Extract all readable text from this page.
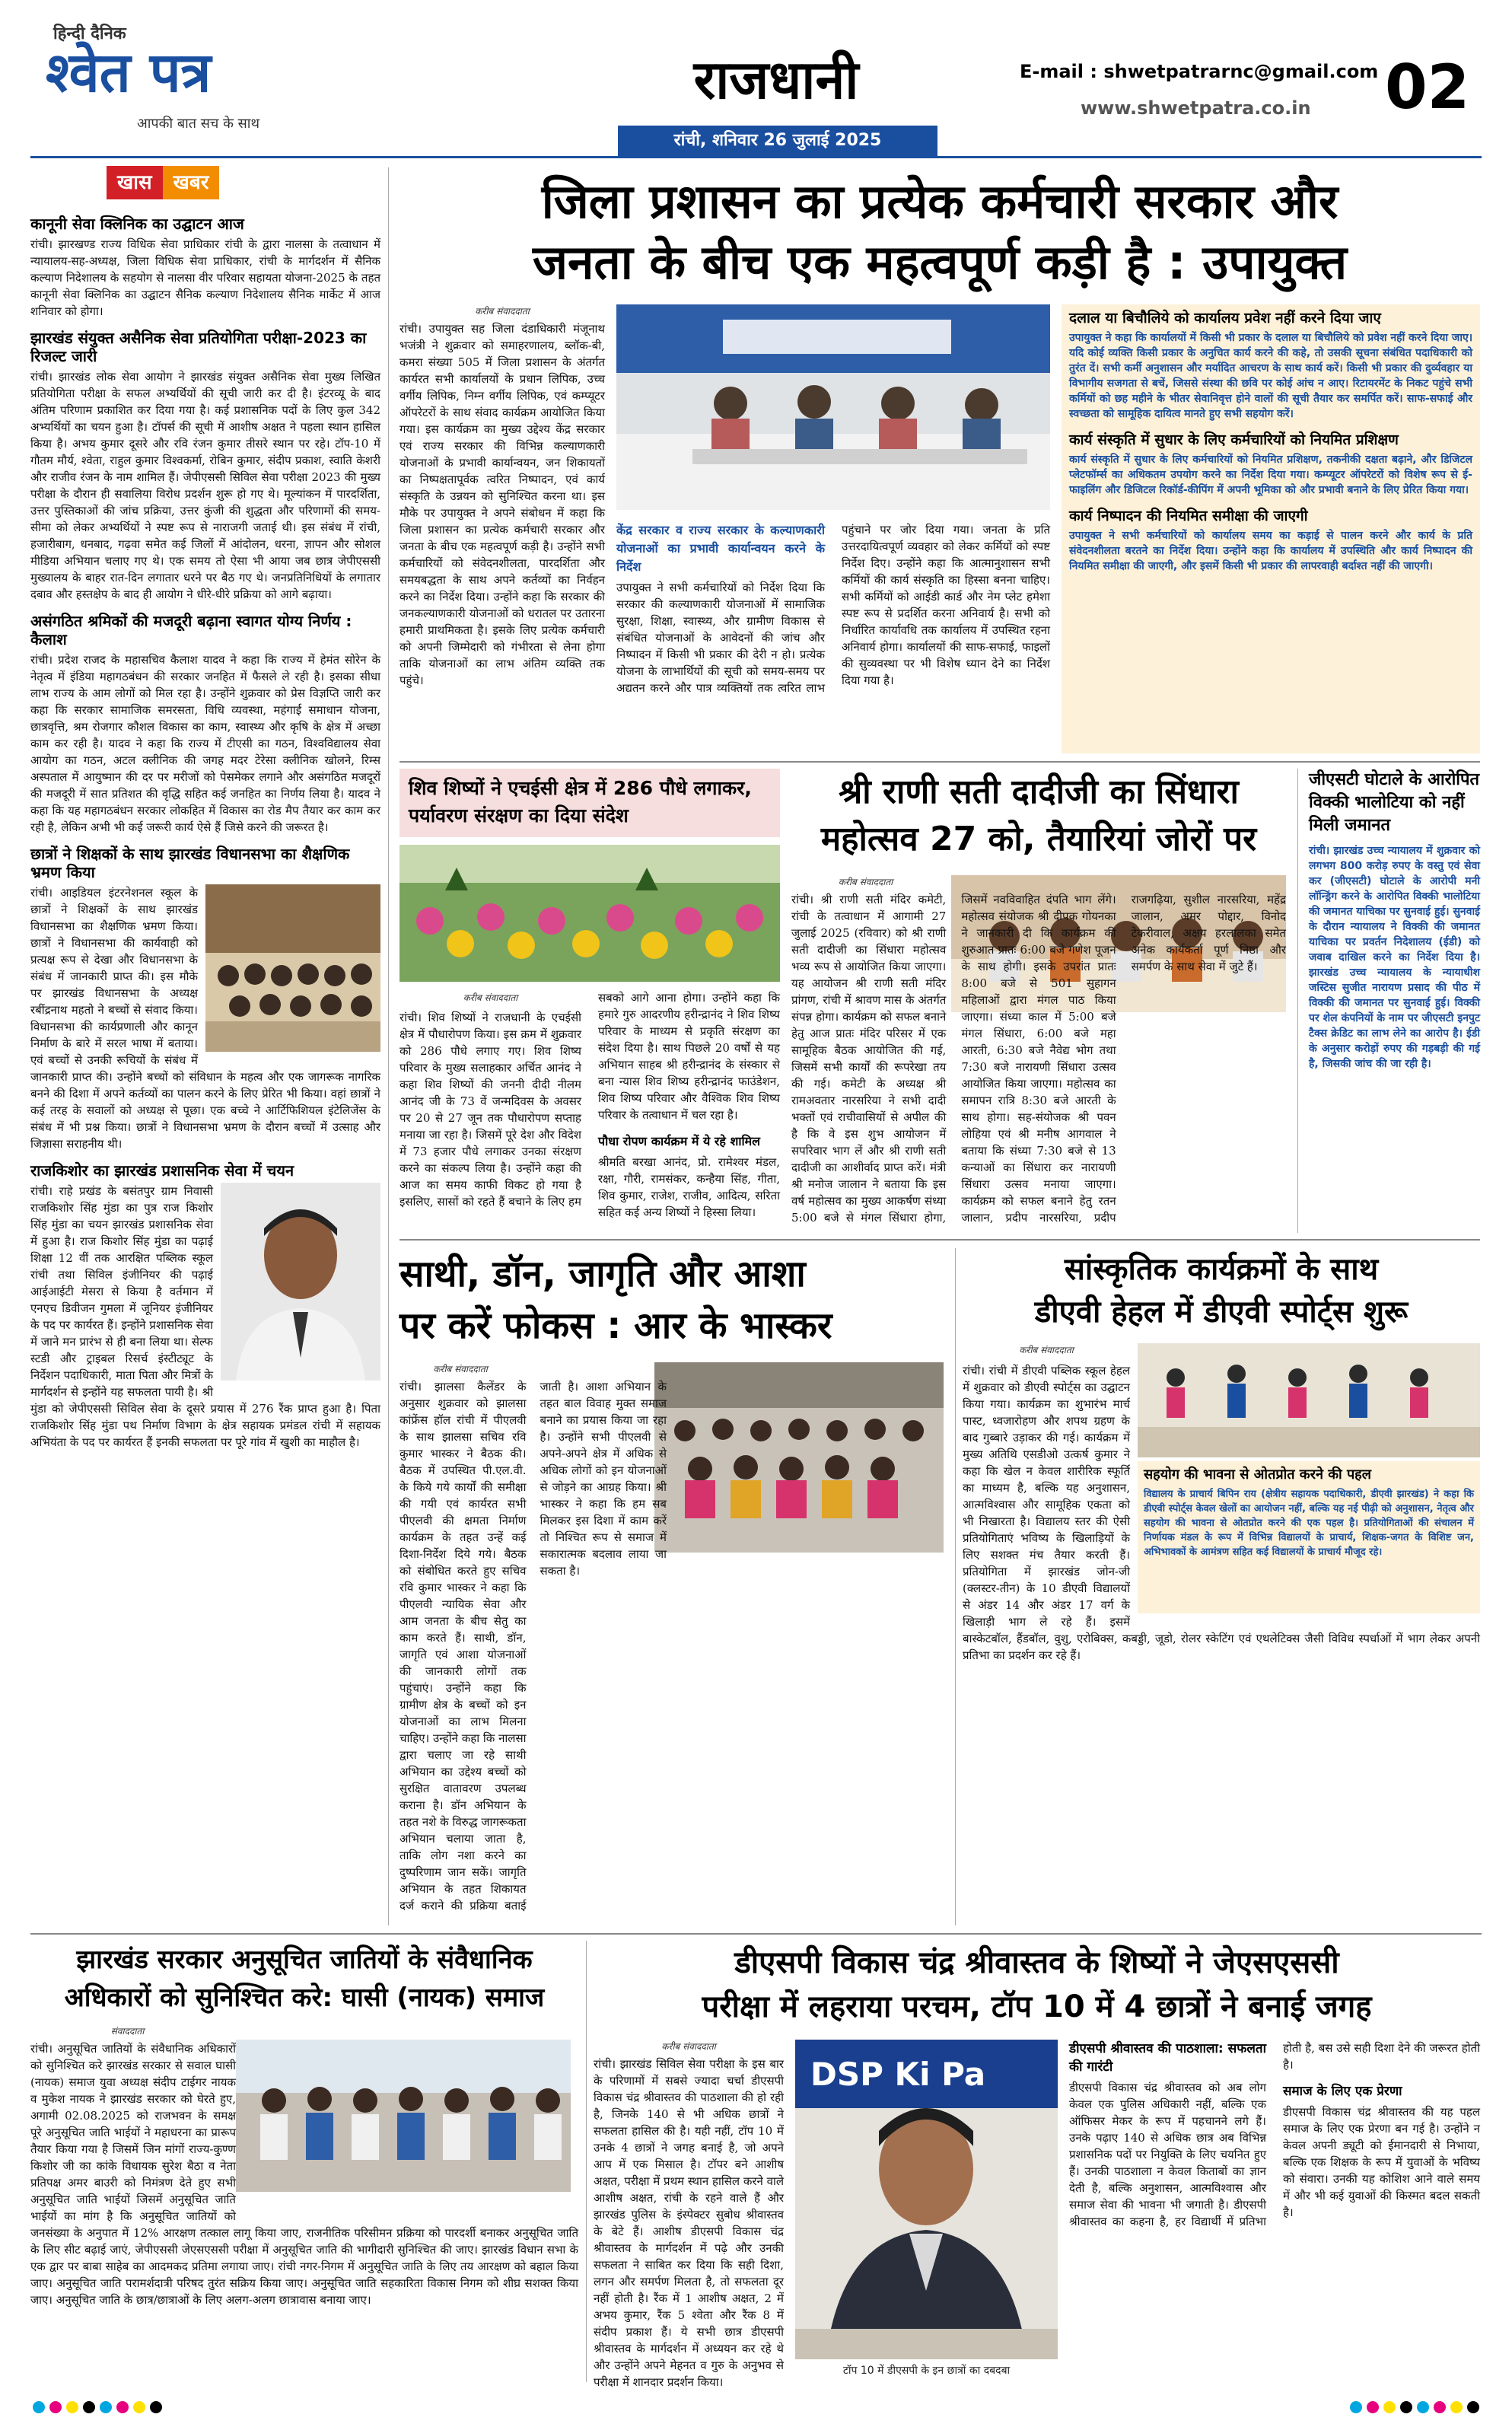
हिन्दी दैनिक
श्वेत पत्र
आपकी बात सच के साथ
राजधानी
रांची, शनिवार 26 जुलाई 2025
E-mail : shwetpatrarnc@gmail.com
www.shwetpatra.co.in 02
खास खबर
कानूनी सेवा क्लिनिक का उद्घाटन आज
रांची। झारखण्ड राज्य विधिक सेवा प्राधिकार रांची के द्वारा नालसा के तत्वाधान में न्यायालय-सह-अध्यक्ष, जिला विधिक सेवा प्राधिकार, रांची के मार्गदर्शन में सैनिक कल्याण निदेशालय के सहयोग से नालसा वीर परिवार सहायता योजना-2025 के तहत कानूनी सेवा क्लिनिक का उद्घाटन सैनिक कल्याण निदेशालय सैनिक मार्केट में आज शनिवार को होगा।
झारखंड संयुक्त असैनिक सेवा प्रतियोगिता परीक्षा-2023 का रिजल्ट जारी
रांची। झारखंड लोक सेवा आयोग ने झारखंड संयुक्त असैनिक सेवा मुख्य लिखित प्रतियोगिता परीक्षा के सफल अभ्यर्थियों की सूची जारी कर दी है। इंटरव्यू के बाद अंतिम परिणाम प्रकाशित कर दिया गया है। कई प्रशासनिक पदों के लिए कुल 342 अभ्यर्थियों का चयन हुआ है। टॉपर्स की सूची में आशीष अक्षत ने पहला स्थान हासिल किया है। अभय कुमार दूसरे और रवि रंजन कुमार तीसरे स्थान पर रहे। टॉप-10 में गौतम मौर्य, श्वेता, राहुल कुमार विश्वकर्मा, रोबिन कुमार, संदीप प्रकाश, स्वाति केशरी और राजीव रंजन के नाम शामिल हैं। जेपीएससी सिविल सेवा परीक्षा 2023 की मुख्य परीक्षा के दौरान ही सवालिया विरोध प्रदर्शन शुरू हो गए थे। मूल्यांकन में पारदर्शिता, उत्तर पुस्तिकाओं की जांच प्रक्रिया, उत्तर कुंजी की शुद्धता और परिणामों की समय-सीमा को लेकर अभ्यर्थियों ने स्पष्ट रूप से नाराजगी जताई थी। इस संबंध में रांची, हजारीबाग, धनबाद, गढ़वा समेत कई जिलों में आंदोलन, धरना, ज्ञापन और सोशल मीडिया अभियान चलाए गए थे। एक समय तो ऐसा भी आया जब छात्र जेपीएससी मुख्यालय के बाहर रात-दिन लगातार धरने पर बैठ गए थे। जनप्रतिनिधियों के लगातार दबाव और हस्तक्षेप के बाद ही आयोग ने धीरे-धीरे प्रक्रिया को आगे बढ़ाया।
असंगठित श्रमिकों की मजदूरी बढ़ाना स्वागत योग्य निर्णय : कैलाश
रांची। प्रदेश राजद के महासचिव कैलाश यादव ने कहा कि राज्य में हेमंत सोरेन के नेतृत्व में इंडिया महागठबंधन की सरकार जनहित में फैसले ले रही है। इसका सीधा लाभ राज्य के आम लोगों को मिल रहा है। उन्होंने शुक्रवार को प्रेस विज्ञप्ति जारी कर कहा कि सरकार सामाजिक समरसता, विधि व्यवस्था, महंगाई समाधान योजना, छात्रवृत्ति, श्रम रोजगार कौशल विकास का काम, स्वास्थ्य और कृषि के क्षेत्र में अच्छा काम कर रही है। यादव ने कहा कि राज्य में टीएसी का गठन, विश्वविद्यालय सेवा आयोग का गठन, अटल क्लीनिक की जगह मदर टेरेसा क्लीनिक खोलने, रिम्स अस्पताल में आयुष्मान की दर पर मरीजों को पेसमेकर लगाने और असंगठित मजदूरों की मजदूरी में सात प्रतिशत की वृद्धि सहित कई जनहित का निर्णय लिया है। यादव ने कहा कि यह महागठबंधन सरकार लोकहित में विकास का रोड मैप तैयार कर काम कर रही है, लेकिन अभी भी कई जरूरी कार्य ऐसे हैं जिसे करने की जरूरत है।
छात्रों ने शिक्षकों के साथ झारखंड विधानसभा का शैक्षणिक भ्रमण किया
रांची। आइडियल इंटरनेशनल स्कूल के छात्रों ने शिक्षकों के साथ झारखंड विधानसभा का शैक्षणिक भ्रमण किया। छात्रों ने विधानसभा की कार्यवाही को प्रत्यक्ष रूप से देखा और विधानसभा के संबंध में जानकारी प्राप्त की। इस मौके पर झारखंड विधानसभा के अध्यक्ष रबींद्रनाथ महतो ने बच्चों से संवाद किया। विधानसभा की कार्यप्रणाली और कानून निर्माण के बारे में सरल भाषा में बताया। एवं बच्चों से उनकी रूचियों के संबंध में जानकारी प्राप्त की। उन्होंने बच्चों को संविधान के महत्व और एक जागरूक नागरिक बनने की दिशा में अपने कर्तव्यों का पालन करने के लिए प्रेरित भी किया। वहां छात्रों ने कई तरह के सवालों को अध्यक्ष से पूछा। एक बच्चे ने आर्टिफिशियल इंटेलिजेंस के संबंध में भी प्रश्न किया। छात्रों ने विधानसभा भ्रमण के दौरान बच्चों में उत्साह और जिज्ञासा सराहनीय थी।
राजकिशोर का झारखंड प्रशासनिक सेवा में चयन
रांची। राहे प्रखंड के बसंतपुर ग्राम निवासी राजकिशोर सिंह मुंडा का पुत्र राज किशोर सिंह मुंडा का चयन झारखंड प्रशासनिक सेवा में हुआ है। राज किशोर सिंह मुंडा का पढ़ाई शिक्षा 12 वीं तक आरक्षित पब्लिक स्कूल रांची तथा सिविल इंजीनियर की पढ़ाई आईआईटी मेसरा से किया है वर्तमान में एनएच डिवीजन गुमला में जूनियर इंजीनियर के पद पर कार्यरत हैं। इन्होंने प्रशासनिक सेवा में जाने मन प्रारंभ से ही बना लिया था। सेल्फ स्टडी और ट्राइबल रिसर्च इंस्टीट्यूट के निर्देशन पदाधिकारी, माता पिता और मित्रों के मार्गदर्शन से इन्होंने यह सफलता पायी है। श्री मुंडा को जेपीएससी सिविल सेवा के दूसरे प्रयास में 276 रैंक प्राप्त हुआ है। पिता राजकिशोर सिंह मुंडा पथ निर्माण विभाग के क्षेत्र सहायक प्रमंडल रांची में सहायक अभियंता के पद पर कार्यरत हैं इनकी सफलता पर पूरे गांव में खुशी का माहौल है।
जिला प्रशासन का प्रत्येक कर्मचारी सरकार और
जनता के बीच एक महत्वपूर्ण कड़ी है : उपायुक्त
करीब संवाददाता
रांची। उपायुक्त सह जिला दंडाधिकारी मंजूनाथ भजंत्री ने शुक्रवार को समाहरणालय, ब्लॉक-बी, कमरा संख्या 505 में जिला प्रशासन के अंतर्गत कार्यरत सभी कार्यालयों के प्रधान लिपिक, उच्च वर्गीय लिपिक, निम्न वर्गीय लिपिक, एवं कम्प्यूटर ऑपरेटरों के साथ संवाद कार्यक्रम आयोजित किया गया। इस कार्यक्रम का मुख्य उद्देश्य केंद्र सरकार एवं राज्य सरकार की विभिन्न कल्याणकारी योजनाओं के प्रभावी कार्यान्वयन, जन शिकायतों का निष्पक्षतापूर्वक त्वरित निष्पादन, एवं कार्य संस्कृति के उन्नयन को सुनिश्चित करना था। इस मौके पर उपायुक्त ने अपने संबोधन में कहा कि जिला प्रशासन का प्रत्येक कर्मचारी सरकार और जनता के बीच एक महत्वपूर्ण कड़ी है। उन्होंने सभी कर्मचारियों को संवेदनशीलता, पारदर्शिता और समयबद्धता के साथ अपने कर्तव्यों का निर्वहन करने का निर्देश दिया। उन्होंने कहा कि सरकार की जनकल्याणकारी योजनाओं को धरातल पर उतारना हमारी प्राथमिकता है। इसके लिए प्रत्येक कर्मचारी को अपनी जिम्मेदारी को गंभीरता से लेना होगा ताकि योजनाओं का लाभ अंतिम व्यक्ति तक पहुंचे।
केंद्र सरकार व राज्य सरकार के कल्याणकारी योजनाओं का प्रभावी कार्यान्वयन करने के निर्देश
उपायुक्त ने सभी कर्मचारियों को निर्देश दिया कि सरकार की कल्याणकारी योजनाओं में सामाजिक सुरक्षा, शिक्षा, स्वास्थ्य, और ग्रामीण विकास से संबंधित योजनाओं के आवेदनों की जांच और निष्पादन में किसी भी प्रकार की देरी न हो। प्रत्येक योजना के लाभार्थियों की सूची को समय-समय पर अद्यतन करने और पात्र व्यक्तियों तक त्वरित लाभ पहुंचाने पर जोर दिया गया। जनता के प्रति उत्तरदायित्वपूर्ण व्यवहार को लेकर कर्मियों को स्पष्ट निर्देश दिए। उन्होंने कहा कि आत्मानुशासन सभी कर्मियों की कार्य संस्कृति का हिस्सा बनना चाहिए। सभी कर्मियों को आईडी कार्ड और नेम प्लेट हमेशा स्पष्ट रूप से प्रदर्शित करना अनिवार्य है। सभी को निर्धारित कार्यावधि तक कार्यालय में उपस्थित रहना अनिवार्य होगा। कार्यालयों की साफ-सफाई, फाइलों की सुव्यवस्था पर भी विशेष ध्यान देने का निर्देश दिया गया है।
दलाल या बिचौलिये को कार्यालय प्रवेश नहीं करने दिया जाए
उपायुक्त ने कहा कि कार्यालयों में किसी भी प्रकार के दलाल या बिचौलिये को प्रवेश नहीं करने दिया जाए। यदि कोई व्यक्ति किसी प्रकार के अनुचित कार्य करने की कहे, तो उसकी सूचना संबंधित पदाधिकारी को तुरंत दें। सभी कर्मी अनुशासन और मर्यादित आचरण के साथ कार्य करें। किसी भी प्रकार की दुर्व्यवहार या विभागीय सजगता से बचें, जिससे संस्था की छवि पर कोई आंच न आए। रिटायरमेंट के निकट पहुंचे सभी कर्मियों को छह महीने के भीतर सेवानिवृत्त होने वालों की सूची तैयार कर समर्पित करें। साफ-सफाई और स्वच्छता को सामूहिक दायित्व मानते हुए सभी सहयोग करें।
कार्य संस्कृति में सुधार के लिए कर्मचारियों को नियमित प्रशिक्षण
कार्य संस्कृति में सुधार के लिए कर्मचारियों को नियमित प्रशिक्षण, तकनीकी दक्षता बढ़ाने, और डिजिटल प्लेटफॉर्म्स का अधिकतम उपयोग करने का निर्देश दिया गया। कम्प्यूटर ऑपरेटरों को विशेष रूप से ई-फाइलिंग और डिजिटल रिकॉर्ड-कीपिंग में अपनी भूमिका को और प्रभावी बनाने के लिए प्रेरित किया गया।
कार्य निष्पादन की नियमित समीक्षा की जाएगी
उपायुक्त ने सभी कर्मचारियों को कार्यालय समय का कड़ाई से पालन करने और कार्य के प्रति संवेदनशीलता बरतने का निर्देश दिया। उन्होंने कहा कि कार्यालय में उपस्थिति और कार्य निष्पादन की नियमित समीक्षा की जाएगी, और इसमें किसी भी प्रकार की लापरवाही बर्दाश्त नहीं की जाएगी।
शिव शिष्यों ने एचईसी क्षेत्र में 286 पौधे लगाकर, पर्यावरण संरक्षण का दिया संदेश
करीब संवाददाता
रांची। शिव शिष्यों ने राजधानी के एचईसी क्षेत्र में पौधारोपण किया। इस क्रम में शुक्रवार को 286 पौधे लगाए गए। शिव शिष्य परिवार के मुख्य सलाहकार अर्चित आनंद ने कहा शिव शिष्यों की जननी दीदी नीलम आनंद जी के 73 वें जन्मदिवस के अवसर पर 20 से 27 जून तक पौधारोपण सप्ताह मनाया जा रहा है। जिसमें पूरे देश और विदेश में 73 हजार पौधे लगाकर उनका संरक्षण करने का संकल्प लिया है। उन्होंने कहा की आज का समय काफी विकट हो गया है इसलिए, सासों को रहते हैं बचाने के लिए हम सबको आगे आना होगा। उन्होंने कहा कि हमारे गुरु आदरणीय हरीन्द्रानंद ने शिव शिष्य परिवार के माध्यम से प्रकृति संरक्षण का संदेश दिया है। साथ पिछले 20 वर्षों से यह अभियान साहब श्री हरीन्द्रानंद के संस्कार से बना न्यास शिव शिष्य हरीन्द्रानंद फाउंडेशन, शिव शिष्य परिवार और वैश्विक शिव शिष्य परिवार के तत्वाधान में चल रहा है।
पौधा रोपण कार्यक्रम में ये रहे शामिल
श्रीमति बरखा आनंद, प्रो. रामेश्वर मंडल, रक्षा, गौरी, रामसंकर, कन्हैया सिंह, गीता, शिव कुमार, राजेश, राजीव, आदित्य, सरिता सहित कई अन्य शिष्यों ने हिस्सा लिया।
श्री राणी सती दादीजी का सिंधारा
महोत्सव 27 को, तैयारियां जोरों पर
करीब संवाददाता
रांची। श्री राणी सती मंदिर कमेटी, रांची के तत्वाधान में आगामी 27 जुलाई 2025 (रविवार) को श्री राणी सती दादीजी का सिंधारा महोत्सव भव्य रूप से आयोजित किया जाएगा। यह आयोजन श्री राणी सती मंदिर प्रांगण, रांची में श्रावण मास के अंतर्गत संपन्न होगा। कार्यक्रम को सफल बनाने हेतु आज प्रातः मंदिर परिसर में एक सामूहिक बैठक आयोजित की गई, जिसमें सभी कार्यों की रूपरेखा तय की गई। कमेटी के अध्यक्ष श्री रामअवतार नारसरिया ने सभी दादी भक्तों एवं राचीवासियों से अपील की है कि वे इस शुभ आयोजन में सपरिवार भाग लें और श्री राणी सती दादीजी का आशीर्वाद प्राप्त करें। मंत्री श्री मनोज जालान ने बताया कि इस वर्ष महोत्सव का मुख्य आकर्षण संध्या 5:00 बजे से मंगल सिंधारा होगा, जिसमें नवविवाहित दंपति भाग लेंगे। महोत्सव संयोजक श्री दीपक गोयनका ने जानकारी दी कि कार्यक्रम की शुरुआत प्रातः 6:00 बजे गणेश पूजन के साथ होगी। इसके उपरांत प्रातः 8:00 बजे से 501 सुहागन महिलाओं द्वारा मंगल पाठ किया जाएगा। संध्या काल में 5:00 बजे मंगल सिंधारा, 6:00 बजे महा आरती, 6:30 बजे नैवेद्य भोग तथा 7:30 बजे नारायणी सिंधारा उत्सव आयोजित किया जाएगा। महोत्सव का समापन रात्रि 8:30 बजे आरती के साथ होगा। सह-संयोजक श्री पवन लोहिया एवं श्री मनीष आगवाल ने बताया कि संध्या 7:30 बजे से 13 कन्याओं का सिंधारा कर नारायणी सिंधारा उत्सव मनाया जाएगा। कार्यक्रम को सफल बनाने हेतु रतन जालान, प्रदीप नारसरिया, प्रदीप राजगढ़िया, सुशील नारसरिया, महेंद्र जालान, अमर पोद्दार, विनोद टेकरीवाल, अक्षय हरलालका समेत अनेक कार्यकर्ता पूर्ण निष्ठा और समर्पण के साथ सेवा में जुटे हैं।
जीएसटी घोटाले के आरोपित विक्की भालोटिया को नहीं मिली जमानत
रांची। झारखंड उच्च न्यायालय में शुक्रवार को लगभग 800 करोड़ रुपए के वस्तु एवं सेवा कर (जीएसटी) घोटाले के आरोपी मनी लॉन्ड्रिंग करने के आरोपित विक्की भालोटिया की जमानत याचिका पर सुनवाई हुई। सुनवाई के दौरान न्यायालय ने विक्की की जमानत याचिका पर प्रवर्तन निदेशालय (ईडी) को जवाब दाखिल करने का निर्देश दिया है। झारखंड उच्च न्यायालय के न्यायाधीश जस्टिस सुजीत नारायण प्रसाद की पीठ में विक्की की जमानत पर सुनवाई हुई। विक्की पर शेल कंपनियों के नाम पर जीएसटी इनपुट टैक्स क्रेडिट का लाभ लेने का आरोप है। ईडी के अनुसार करोड़ों रुपए की गड़बड़ी की गई है, जिसकी जांच की जा रही है।
साथी, डॉन, जागृति और आशा
पर करें फोकस : आर के भास्कर
करीब संवाददाता
रांची। झालसा कैलेंडर के अनुसार शुक्रवार को झालसा कांफ्रेंस हॉल रांची में पीएलवी के साथ झालसा सचिव रवि कुमार भास्कर ने बैठक की। बैठक में उपस्थित पी.एल.वी. के किये गये कार्यों की समीक्षा की गयी एवं कार्यरत सभी पीएलवी की क्षमता निर्माण कार्यक्रम के तहत उन्हें कई दिशा-निर्देश दिये गये। बैठक को संबोधित करते हुए सचिव रवि कुमार भास्कर ने कहा कि पीएलवी न्यायिक सेवा और आम जनता के बीच सेतु का काम करते हैं। साथी, डॉन, जागृति एवं आशा योजनाओं की जानकारी लोगों तक पहुंचाएं। उन्होंने कहा कि ग्रामीण क्षेत्र के बच्चों को इन योजनाओं का लाभ मिलना चाहिए। उन्होंने कहा कि नालसा द्वारा चलाए जा रहे साथी अभियान का उद्देश्य बच्चों को सुरक्षित वातावरण उपलब्ध कराना है। डॉन अभियान के तहत नशे के विरुद्ध जागरूकता अभियान चलाया जाता है, ताकि लोग नशा करने का दुष्परिणाम जान सकें। जागृति अभियान के तहत शिकायत दर्ज कराने की प्रक्रिया बताई जाती है। आशा अभियान के तहत बाल विवाह मुक्त समाज बनाने का प्रयास किया जा रहा है। उन्होंने सभी पीएलवी से अपने-अपने क्षेत्र में अधिक से अधिक लोगों को इन योजनाओं से जोड़ने का आग्रह किया। श्री भास्कर ने कहा कि हम सब मिलकर इस दिशा में काम करें तो निश्चित रूप से समाज में सकारात्मक बदलाव लाया जा सकता है।
सांस्कृतिक कार्यक्रमों के साथ
डीएवी हेहल में डीएवी स्पोर्ट्स शुरू
करीब संवाददाता
सहयोग की भावना से ओतप्रोत करने की पहल
विद्यालय के प्राचार्य बिपिन राय (क्षेत्रीय सहायक पदाधिकारी, डीएवी झारखंड) ने कहा कि डीएवी स्पोर्ट्स केवल खेलों का आयोजन नहीं, बल्कि यह नई पीढ़ी को अनुशासन, नेतृत्व और सहयोग की भावना से ओतप्रोत करने की एक पहल है। प्रतियोगिताओं की संचालन में निर्णायक मंडल के रूप में विभिन्न विद्यालयों के प्राचार्य, शिक्षक-जगत के विशिष्ट जन, अभिभावकों के आमंत्रण सहित कई विद्यालयों के प्राचार्य मौजूद रहे।
रांची। रांची में डीएवी पब्लिक स्कूल हेहल में शुक्रवार को डीएवी स्पोर्ट्स का उद्घाटन किया गया। कार्यक्रम का शुभारंभ मार्च पास्ट, ध्वजारोहण और शपथ ग्रहण के बाद गुब्बारे उड़ाकर की गई। कार्यक्रम में मुख्य अतिथि एसडीओ उत्कर्ष कुमार ने कहा कि खेल न केवल शारीरिक स्फूर्ति का माध्यम है, बल्कि यह अनुशासन, आत्मविश्वास और सामूहिक एकता को भी निखारता है। विद्यालय स्तर की ऐसी प्रतियोगिताएं भविष्य के खिलाड़ियों के लिए सशक्त मंच तैयार करती हैं। प्रतियोगिता में झारखंड जोन-जी (क्लस्टर-तीन) के 10 डीएवी विद्यालयों से अंडर 14 और अंडर 17 वर्ग के खिलाड़ी भाग ले रहे हैं। इसमें बास्केटबॉल, हैंडबॉल, वुशु, एरोबिक्स, कबड्डी, जूडो, रोलर स्केटिंग एवं एथलेटिक्स जैसी विविध स्पर्धाओं में भाग लेकर अपनी प्रतिभा का प्रदर्शन कर रहे हैं।
झारखंड सरकार अनुसूचित जातियों के संवैधानिक
अधिकारों को सुनिश्चित करे: घासी (नायक) समाज
संवाददाता
रांची। अनुसूचित जातियों के संवैधानिक अधिकारों को सुनिश्चित करे झारखंड सरकार से सवाल घासी (नायक) समाज युवा अध्यक्ष संदीप टाईगर नायक व मुकेश नायक ने झारखंड सरकार को घेरते हुए, अगामी 02.08.2025 को राजभवन के समक्ष पूरे अनुसूचित जाति भाईयों ने महाधरना का प्रारूप तैयार किया गया है जिसमें जिन मांगों राज्य-कुण्ण किशोर जी का कांके विधायक सुरेश बैठा व नेता प्रतिपक्ष अमर बाउरी को निमंत्रण देते हुए सभी अनुसूचित जाति भाईयों जिसमें अनुसूचित जाति भाईयों का मांग है कि अनुसूचित जातियों को जनसंख्या के अनुपात में 12% आरक्षण तत्काल लागू किया जाए, राजनीतिक परिसीमन प्रक्रिया को पारदर्शी बनाकर अनुसूचित जाति के लिए सीट बढ़ाई जाएं, जेपीएससी जेएसएससी परीक्षा में अनुसूचित जाति की भागीदारी सुनिश्चित की जाए। झारखंड विधान सभा के एक द्वार पर बाबा साहेब का आदमकद प्रतिमा लगाया जाए। रांची नगर-निगम में अनुसूचित जाति के लिए तय आरक्षण को बहाल किया जाए। अनुसूचित जाति परामर्शदात्री परिषद तुरंत सक्रिय किया जाए। अनुसूचित जाति सहकारिता विकास निगम को शीघ्र सशक्त किया जाए। अनुसूचित जाति के छात्र/छात्राओं के लिए अलग-अलग छात्रावास बनाया जाए।
डीएसपी विकास चंद्र श्रीवास्तव के शिष्यों ने जेएसएससी
परीक्षा में लहराया परचम, टॉप 10 में 4 छात्रों ने बनाई जगह
DSP Ki Pa
टॉप 10 में डीएसपी के इन छात्रों का दबदबा
करीब संवाददाता
रांची। झारखंड सिविल सेवा परीक्षा के इस बार के परिणामों में सबसे ज्यादा चर्चा डीएसपी विकास चंद्र श्रीवास्तव की पाठशाला की हो रही है, जिनके 140 से भी अधिक छात्रों ने सफलता हासिल की है। यही नहीं, टॉप 10 में उनके 4 छात्रों ने जगह बनाई है, जो अपने आप में एक मिसाल है। टॉपर बने आशीष अक्षत, परीक्षा में प्रथम स्थान हासिल करने वाले आशीष अक्षत, रांची के रहने वाले हैं और झारखंड पुलिस के इंस्पेक्टर सुबोध श्रीवास्तव के बेटे हैं। आशीष डीएसपी विकास चंद्र श्रीवास्तव के मार्गदर्शन में पढ़े और उनकी सफलता ने साबित कर दिया कि सही दिशा, लगन और समर्पण मिलता है, तो सफलता दूर नहीं होती है। रैंक में 1 आशीष अक्षत, 2 में अभय कुमार, रैंक 5 श्वेता और रैंक 8 में संदीप प्रकाश हैं। ये सभी छात्र डीएसपी श्रीवास्तव के मार्गदर्शन में अध्ययन कर रहे थे और उन्होंने अपने मेहनत व गुरु के अनुभव से परीक्षा में शानदार प्रदर्शन किया।
डीएसपी श्रीवास्तव की पाठशाला: सफलता की गारंटी
डीएसपी विकास चंद्र श्रीवास्तव को अब लोग केवल एक पुलिस अधिकारी नहीं, बल्कि एक ऑफिसर मेकर के रूप में पहचानने लगे हैं। उनके पढ़ाए 140 से अधिक छात्र अब विभिन्न प्रशासनिक पदों पर नियुक्ति के लिए चयनित हुए हैं। उनकी पाठशाला न केवल किताबों का ज्ञान देती है, बल्कि अनुशासन, आत्मविश्वास और समाज सेवा की भावना भी जगाती है। डीएसपी श्रीवास्तव का कहना है, हर विद्यार्थी में प्रतिभा होती है, बस उसे सही दिशा देने की जरूरत होती है।
समाज के लिए एक प्रेरणा
डीएसपी विकास चंद्र श्रीवास्तव की यह पहल समाज के लिए एक प्रेरणा बन गई है। उन्होंने न केवल अपनी ड्यूटी को ईमानदारी से निभाया, बल्कि एक शिक्षक के रूप में युवाओं के भविष्य को संवारा। उनकी यह कोशिश आने वाले समय में और भी कई युवाओं की किस्मत बदल सकती है।
